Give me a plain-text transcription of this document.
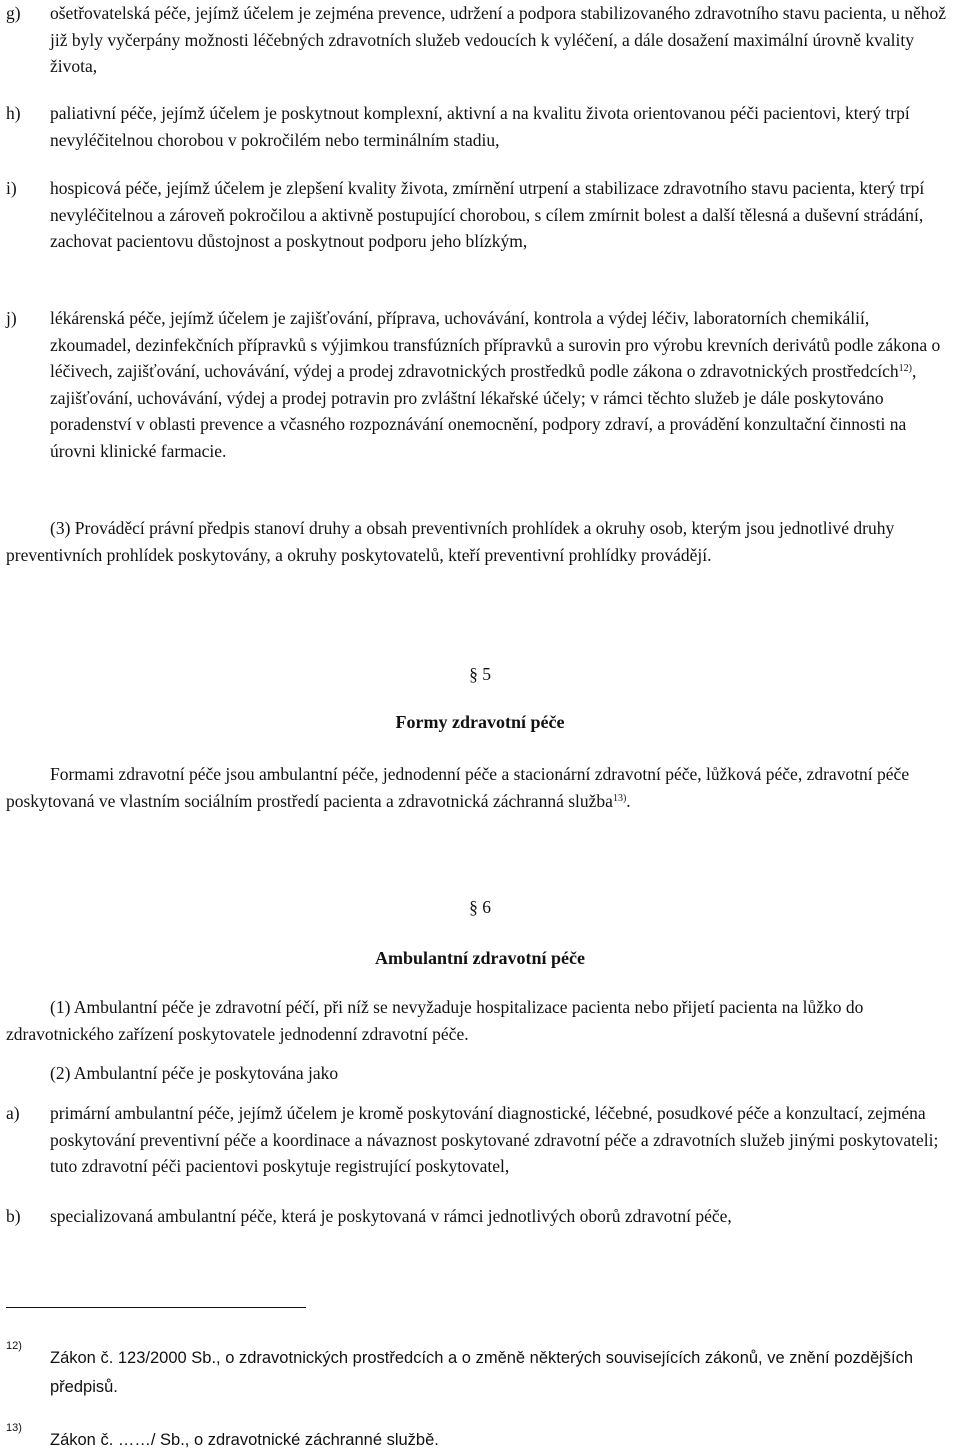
g) ošetřovatelská péče, jejímž účelem je zejména prevence, udržení a podpora stabilizovaného zdravotního stavu pacienta, u něhož již byly vyčerpány možnosti léčebných zdravotních služeb vedoucích k vyléčení, a dále dosažení maximální úrovně kvality života,
h) paliativní péče, jejímž účelem je poskytnout komplexní, aktivní a na kvalitu života orientovanou péči pacientovi, který trpí nevyléčitelnou chorobou v pokročilém nebo terminálním stadiu,
i) hospicová péče, jejímž účelem je zlepšení kvality života, zmírnění utrpení a stabilizace zdravotního stavu pacienta, který trpí nevyléčitelnou a zároveň pokročilou a aktivně postupující chorobou, s cílem zmírnit bolest a další tělesná a duševní strádání, zachovat pacientovu důstojnost a poskytnout podporu jeho blízkým,
j) lékárenská péče, jejímž účelem je zajišťování, příprava, uchovávání, kontrola a výdej léčiv, laboratorních chemikálií, zkoumadel, dezinfekčních přípravků s výjimkou transfúzních přípravků a surovin pro výrobu krevních derivátů podle zákona o léčivech, zajišťování, uchovávání, výdej a prodej zdravotnických prostředků podle zákona o zdravotnických prostředcích$^{12)}$, zajišťování, uchovávání, výdej a prodej potravin pro zvláštní lékařské účely; v rámci těchto služeb je dále poskytováno poradenství v oblasti prevence a včasného rozpoznávání onemocnění, podpory zdraví, a provádění konzultační činnosti na úrovni klinické farmacie.
(3) Prováděcí právní předpis stanoví druhy a obsah preventivních prohlídek a okruhy osob, kterým jsou jednotlivé druhy preventivních prohlídek poskytovány, a okruhy poskytovatelů, kteří preventivní prohlídky provádějí.
§ 5
Formy zdravotní péče
Formami zdravotní péče jsou ambulantní péče, jednodenní péče a stacionární zdravotní péče, lůžková péče, zdravotní péče poskytovaná ve vlastním sociálním prostředí pacienta a zdravotnická záchranná služba$^{13)}$.
§ 6
Ambulantní zdravotní péče
(1) Ambulantní péče je zdravotní péčí, při níž se nevyžaduje hospitalizace pacienta nebo přijetí pacienta na lůžko do zdravotnického zařízení poskytovatele jednodenní zdravotní péče.
(2) Ambulantní péče je poskytována jako
a) primární ambulantní péče, jejímž účelem je kromě poskytování diagnostické, léčebné, posudkové péče a konzultací, zejména poskytování preventivní péče a koordinace a návaznost poskytované zdravotní péče a zdravotních služeb jinými poskytovateli; tuto zdravotní péči pacientovi poskytuje registrující poskytovatel,
b) specializovaná ambulantní péče, která je poskytovaná v rámci jednotlivých oborů zdravotní péče,
12)
Zákon č. 123/2000 Sb., o zdravotnických prostředcích a o změně některých souvisejících zákonů, ve znění pozdějších předpisů.
13)
Zákon č. ……/ Sb., o zdravotnické záchranné službě.
